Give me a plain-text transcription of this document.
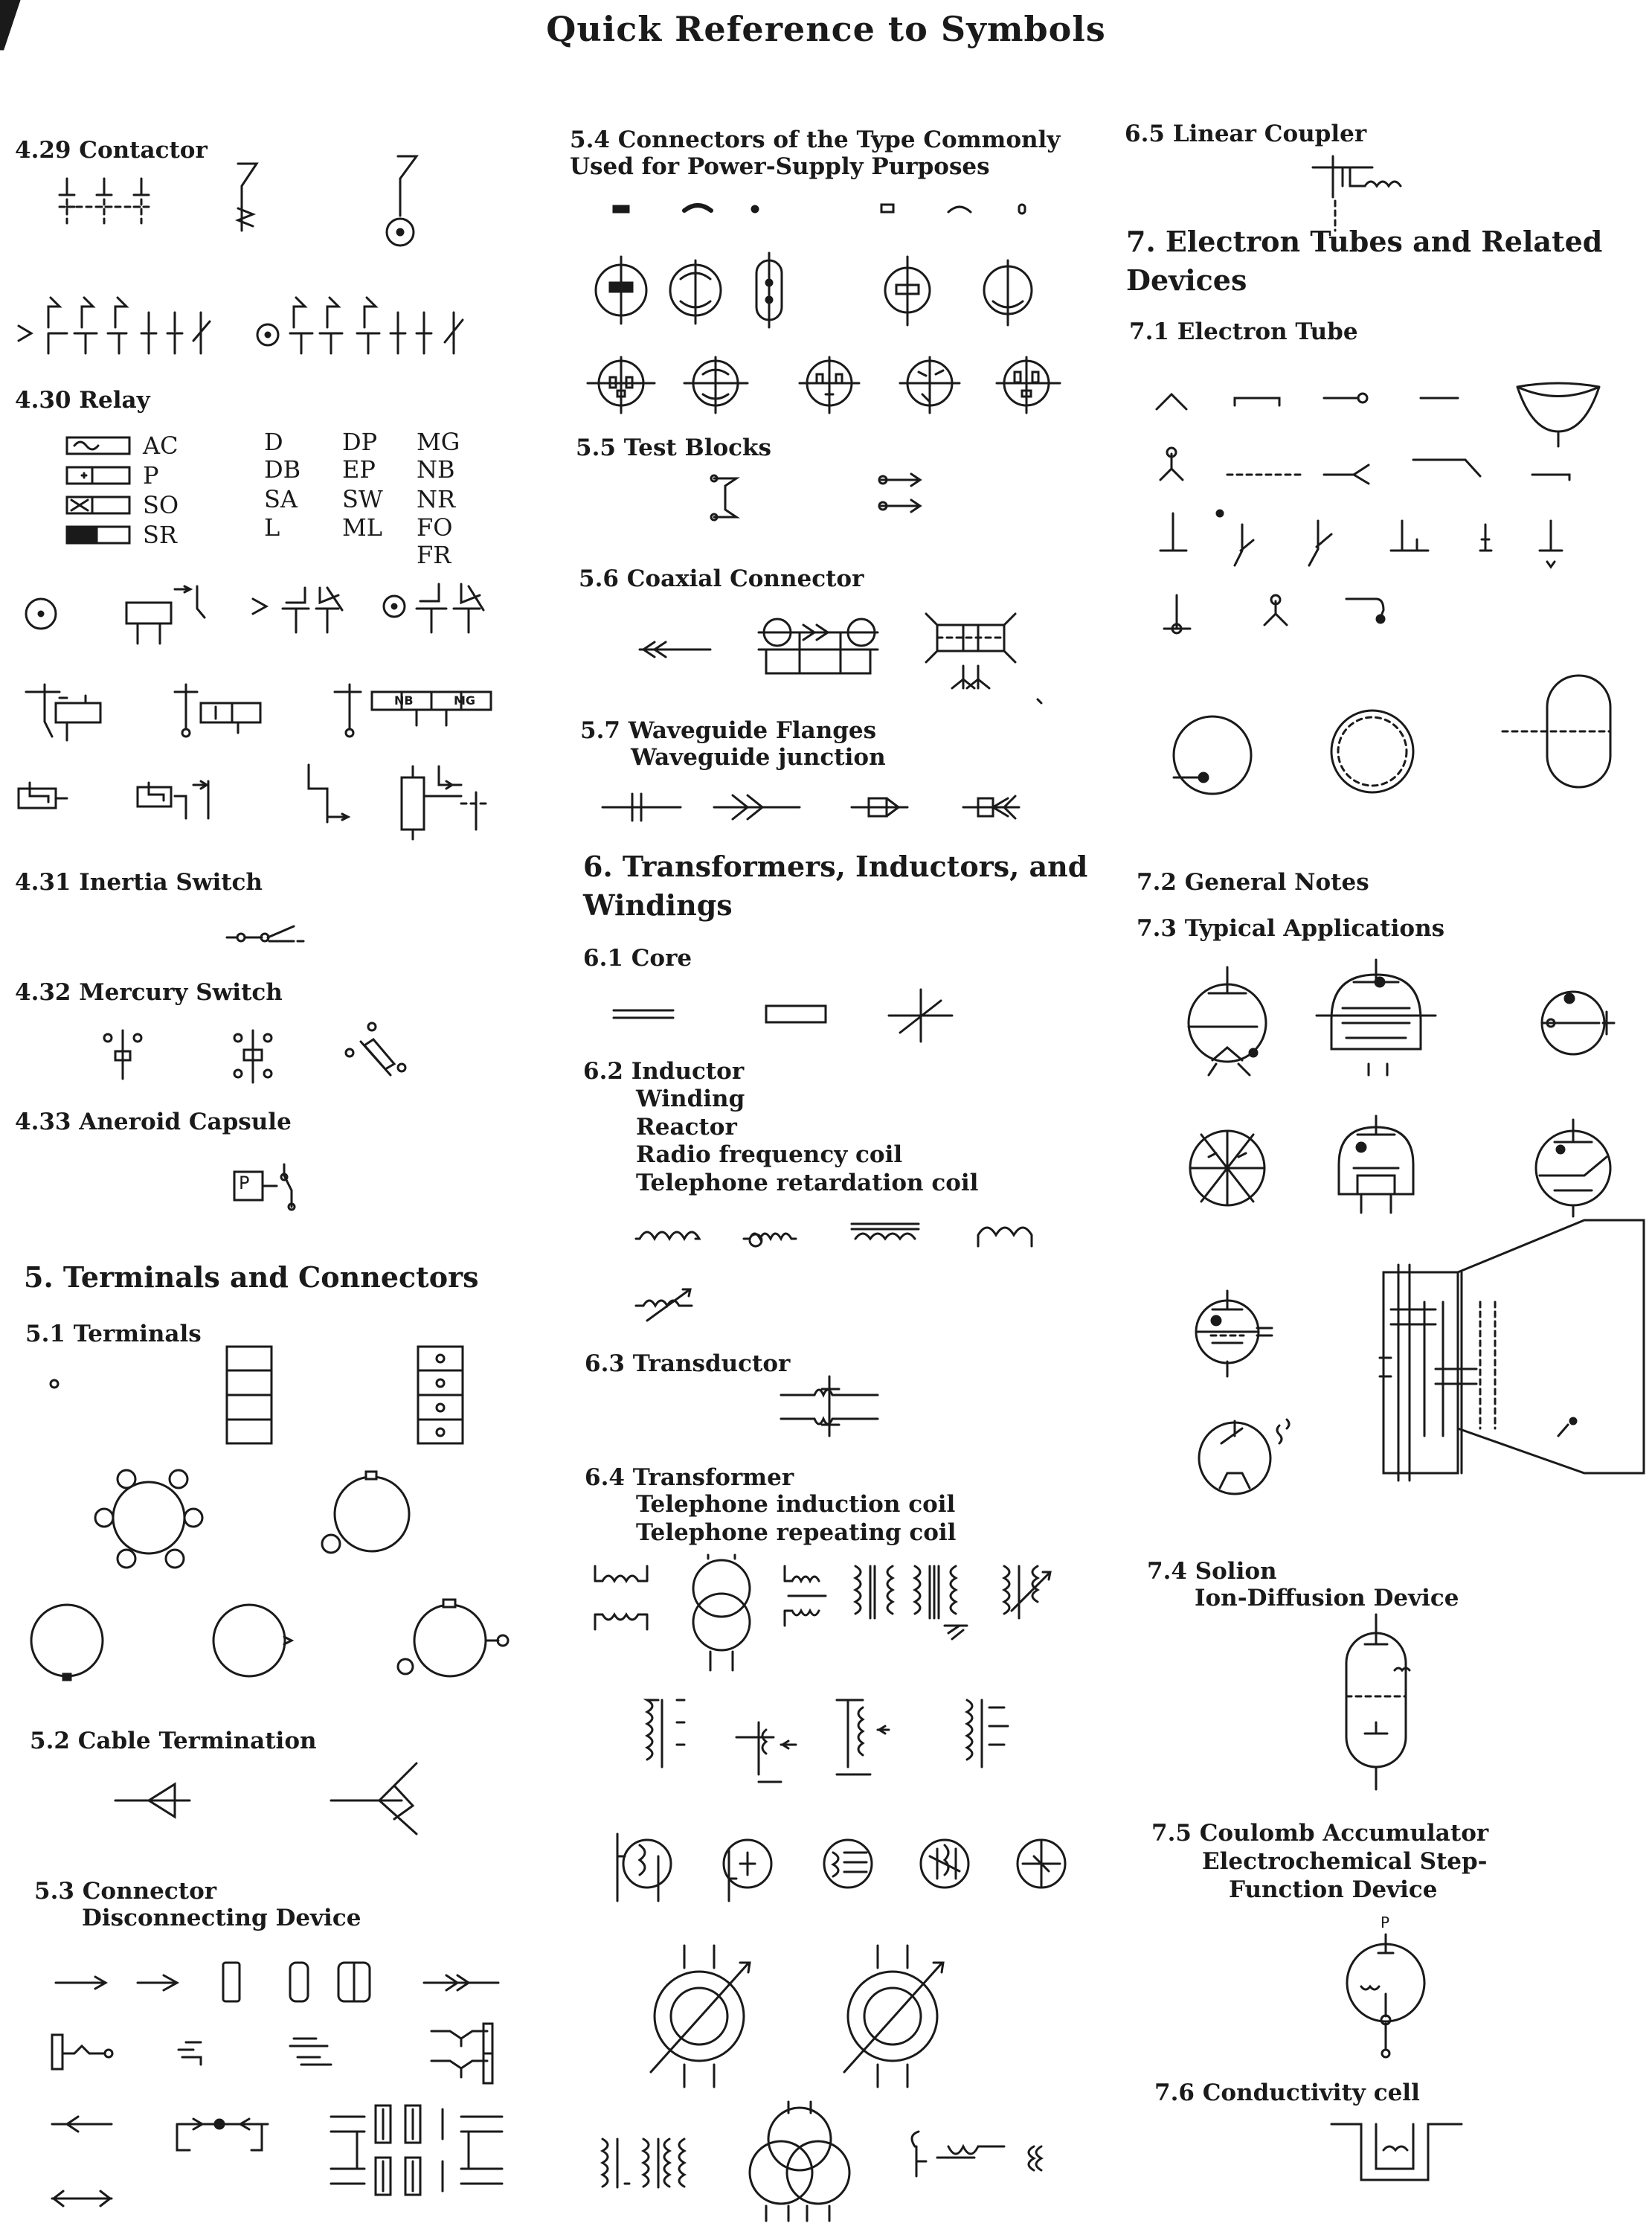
Quick Reference to Symbols
4.29 Contactor
4.30 Relay
AC
P
SO
SR
D
DB
SA
L
DP
EP
SW
ML
MG
NB
NR
FO
FR
4.31 Inertia Switch
4.32 Mercury Switch
4.33 Aneroid Capsule
P
5. Terminals and Connectors
5.1 Terminals
5.2 Cable Termination
5.3 Connector
Disconnecting Device
5.4 Connectors of the Type Commonly
Used for Power-Supply Purposes
5.5 Test Blocks
5.6 Coaxial Connector
5.7 Waveguide Flanges
Waveguide junction
6. Transformers, Inductors, and
Windings
6.1 Core
6.2 Inductor
Winding
Reactor
Radio frequency coil
Telephone retardation coil
6.3 Transductor
6.4 Transformer
Telephone induction coil
Telephone repeating coil
6.5 Linear Coupler
7. Electron Tubes and Related
Devices
7.1 Electron Tube
7.2 General Notes
7.3 Typical Applications
7.4 Solion
Ion-Diffusion Device
7.5 Coulomb Accumulator
Electrochemical Step-
Function Device
P
7.6 Conductivity cell
NB	MG
